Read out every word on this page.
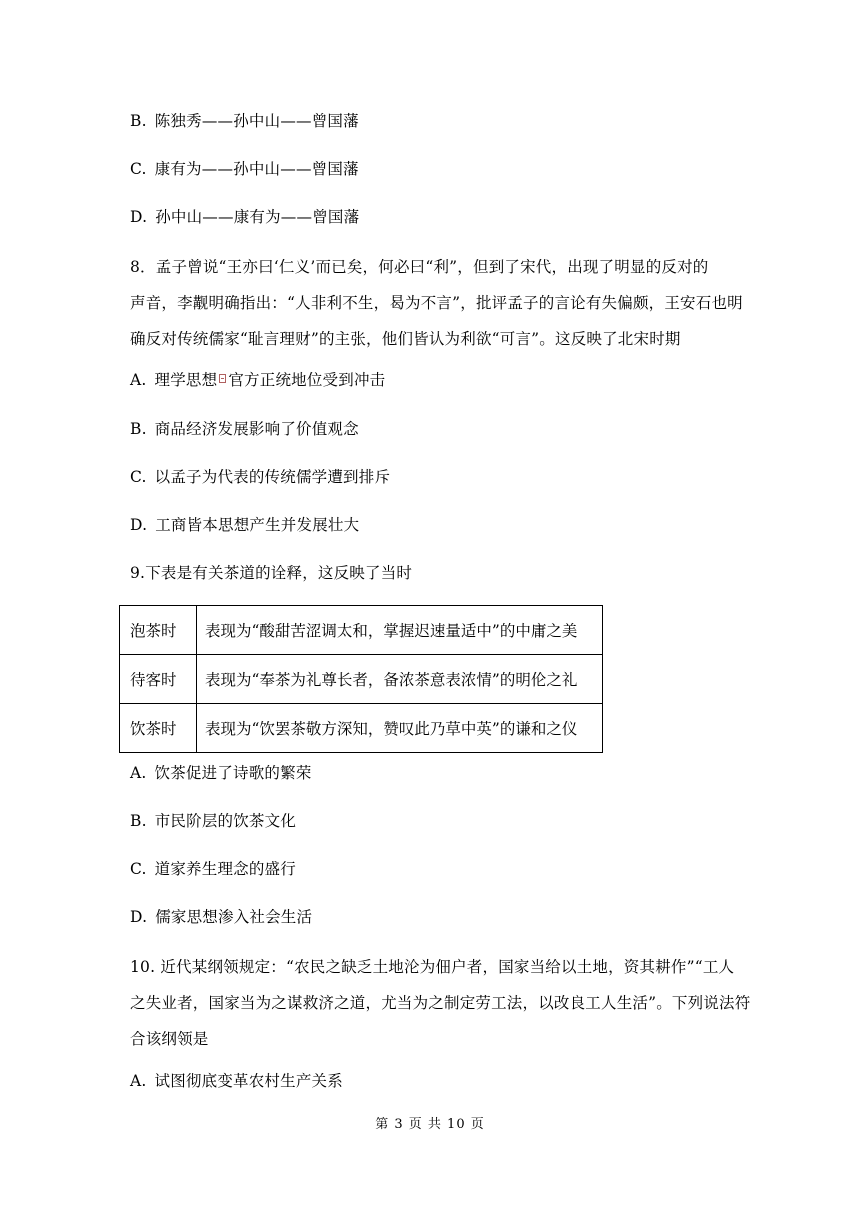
B. 陈独秀——孙中山——曾国藩
C. 康有为——孙中山——曾国藩
D. 孙中山——康有为——曾国藩
8．孟子曾说“王亦曰‘仁义’而已矣，何必曰“利”，但到了宋代，出现了明显的反对的
声音，李觏明确指出：“人非利不生，曷为不言”，批评孟子的言论有失偏颇，王安石也明
确反对传统儒家“耻言理财”的主张，他们皆认为利欲“可言”。这反映了北宋时期
A. 理学思想 官方正统地位受到冲击
B. 商品经济发展影响了价值观念
C. 以孟子为代表的传统儒学遭到排斥
D. 工商皆本思想产生并发展壮大
9.下表是有关茶道的诠释，这反映了当时
泡茶时	表现为“酸甜苦涩调太和，掌握迟速量适中”的中庸之美
待客时	表现为“奉茶为礼尊长者，备浓茶意表浓情”的明伦之礼
饮茶时	表现为“饮罢茶敬方深知，赞叹此乃草中英”的谦和之仪
A. 饮茶促进了诗歌的繁荣
B. 市民阶层的饮茶文化
C. 道家养生理念的盛行
D. 儒家思想渗入社会生活
10. 近代某纲领规定：“农民之缺乏土地沦为佃户者，国家当给以土地，资其耕作”“工人
之失业者，国家当为之谋救济之道，尤当为之制定劳工法，以改良工人生活”。下列说法符
合该纲领是
A. 试图彻底变革农村生产关系
第 3 页 共 10 页
